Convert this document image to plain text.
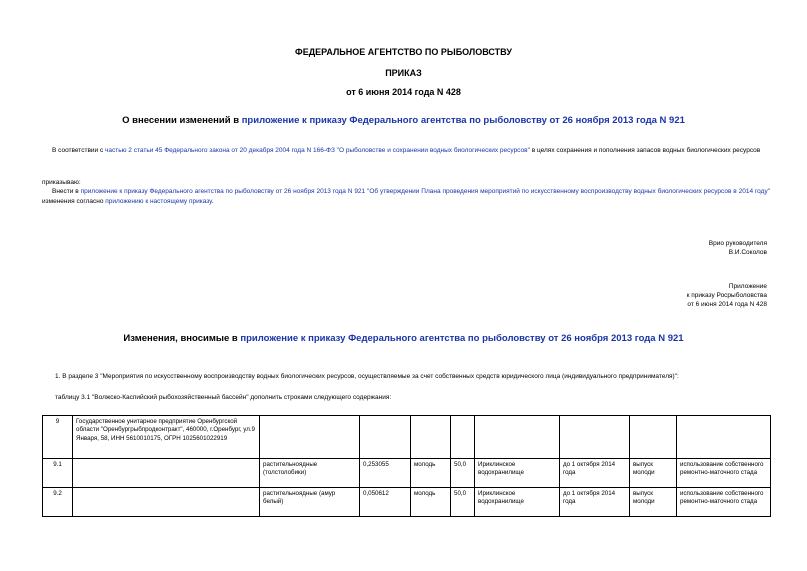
ФЕДЕРАЛЬНОЕ АГЕНТСТВО ПО РЫБОЛОВСТВУ
ПРИКАЗ
от 6 июня 2014 года N 428
О внесении изменений в приложение к приказу Федерального агентства по рыболовству от 26 ноября 2013 года N 921
В соответствии с частью 2 статьи 45 Федерального закона от 20 декабря 2004 года N 166-ФЗ "О рыболовстве и сохранении водных биологических ресурсов" в целях сохранения и пополнения запасов водных биологических ресурсов
приказываю:
Внести в приложение к приказу Федерального агентства по рыболовству от 26 ноября 2013 года N 921 "Об утверждении Плана проведения мероприятий по искусственному воспроизводству водных биологических ресурсов в 2014 году" изменения согласно приложению к настоящему приказу.
Врио руководителя
В.И.Соколов
Приложение
к приказу Росрыболовства
от 6 июня 2014 года N 428
Изменения, вносимые в приложение к приказу Федерального агентства по рыболовству от 26 ноября 2013 года N 921
1. В разделе 3 "Мероприятия по искусственному воспроизводству водных биологических ресурсов, осуществляемые за счет собственных средств юридического лица (индивидуального предпринимателя)":
таблицу 3.1 "Волжско-Каспийский рыбохозяйственный бассейн" дополнить строками следующего содержания:
9	Государственное унитарное предприятие Оренбургской области "Оренбургрыбпродконтракт", 460000, г.Оренбург, ул.9 Января, 58, ИНН 5610010175, ОГРН 1025601022919								
9.1		растительноядные (толстолобики)	0,253055	молодь	50,0	Ириклинское водохранилище	до 1 октября 2014 года	выпуск молоди	использование собственного ремонтно-маточного стада
9.2		растительноядные (амур белый)	0,050612	молодь	50,0	Ириклинское водохранилище	до 1 октября 2014 года	выпуск молоди	использование собственного ремонтно-маточного стада
